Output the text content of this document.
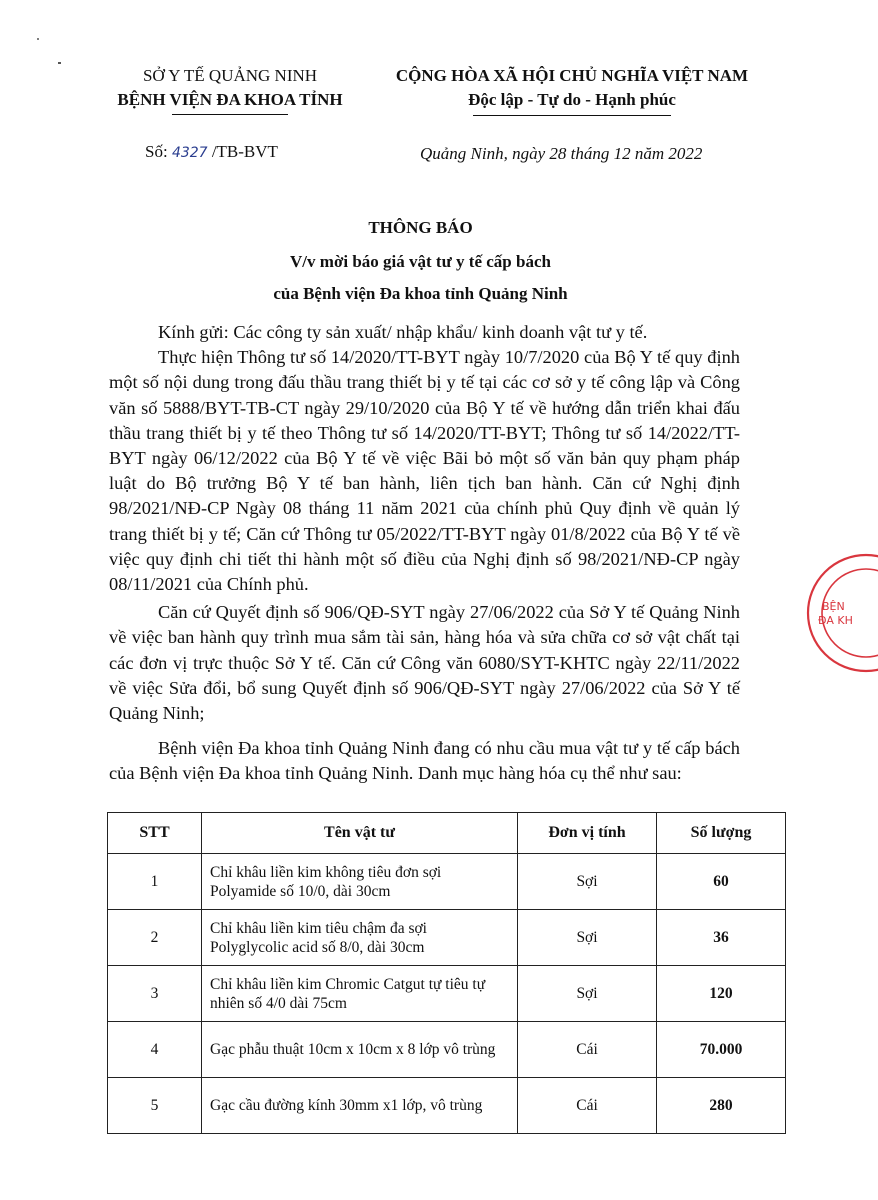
SỞ Y TẾ QUẢNG NINH
BỆNH VIỆN ĐA KHOA TỈNH
CỘNG HÒA XÃ HỘI CHỦ NGHĨA VIỆT NAM
Độc lập - Tự do - Hạnh phúc
Số: 4327 /TB-BVT	Quảng Ninh, ngày 28 tháng 12 năm 2022
THÔNG BÁO
V/v mời báo giá vật tư y tế cấp bách
của Bệnh viện Đa khoa tỉnh Quảng Ninh

Kính gửi: Các công ty sản xuất/ nhập khẩu/ kinh doanh vật tư y tế.

Thực hiện Thông tư số 14/2020/TT-BYT ngày 10/7/2020 của Bộ Y tế quy định một số nội dung trong đấu thầu trang thiết bị y tế tại các cơ sở y tế công lập và Công văn số 5888/BYT-TB-CT ngày 29/10/2020 của Bộ Y tế về hướng dẫn triển khai đấu thầu trang thiết bị y tế theo Thông tư số 14/2020/TT-BYT; Thông tư số 14/2022/TT-BYT ngày 06/12/2022 của Bộ Y tế về việc Bãi bỏ một số văn bản quy phạm pháp luật do Bộ trưởng Bộ Y tế ban hành, liên tịch ban hành. Căn cứ Nghị định 98/2021/NĐ-CP Ngày 08 tháng 11 năm 2021 của chính phủ Quy định về quản lý trang thiết bị y tế; Căn cứ Thông tư 05/2022/TT-BYT ngày 01/8/2022 của Bộ Y tế về việc quy định chi tiết thi hành một số điều của Nghị định số 98/2021/NĐ-CP ngày 08/11/2021 của Chính phủ.

Căn cứ Quyết định số 906/QĐ-SYT ngày 27/06/2022 của Sở Y tế Quảng Ninh về việc ban hành quy trình mua sắm tài sản, hàng hóa và sửa chữa cơ sở vật chất tại các đơn vị trực thuộc Sở Y tế. Căn cứ Công văn 6080/SYT-KHTC ngày 22/11/2022 về việc Sửa đổi, bổ sung Quyết định số 906/QĐ-SYT ngày 27/06/2022 của Sở Y tế Quảng Ninh;

Bệnh viện Đa khoa tỉnh Quảng Ninh đang có nhu cầu mua vật tư y tế cấp bách của Bệnh viện Đa khoa tỉnh Quảng Ninh. Danh mục hàng hóa cụ thể như sau:

BỆN
ĐA KH
STT	Tên vật tư	Đơn vị tính	Số lượng
1	Chỉ khâu liền kim không tiêu đơn sợi Polyamide số 10/0, dài 30cm	Sợi	60
2	Chỉ khâu liền kim tiêu chậm đa sợi Polyglycolic acid số 8/0, dài 30cm	Sợi	36
3	Chỉ khâu liền kim Chromic Catgut tự tiêu tự nhiên số 4/0 dài 75cm	Sợi	120
4	Gạc phẫu thuật 10cm x 10cm x 8 lớp vô trùng	Cái	70.000
5	Gạc cầu đường kính 30mm x1 lớp, vô trùng	Cái	280
